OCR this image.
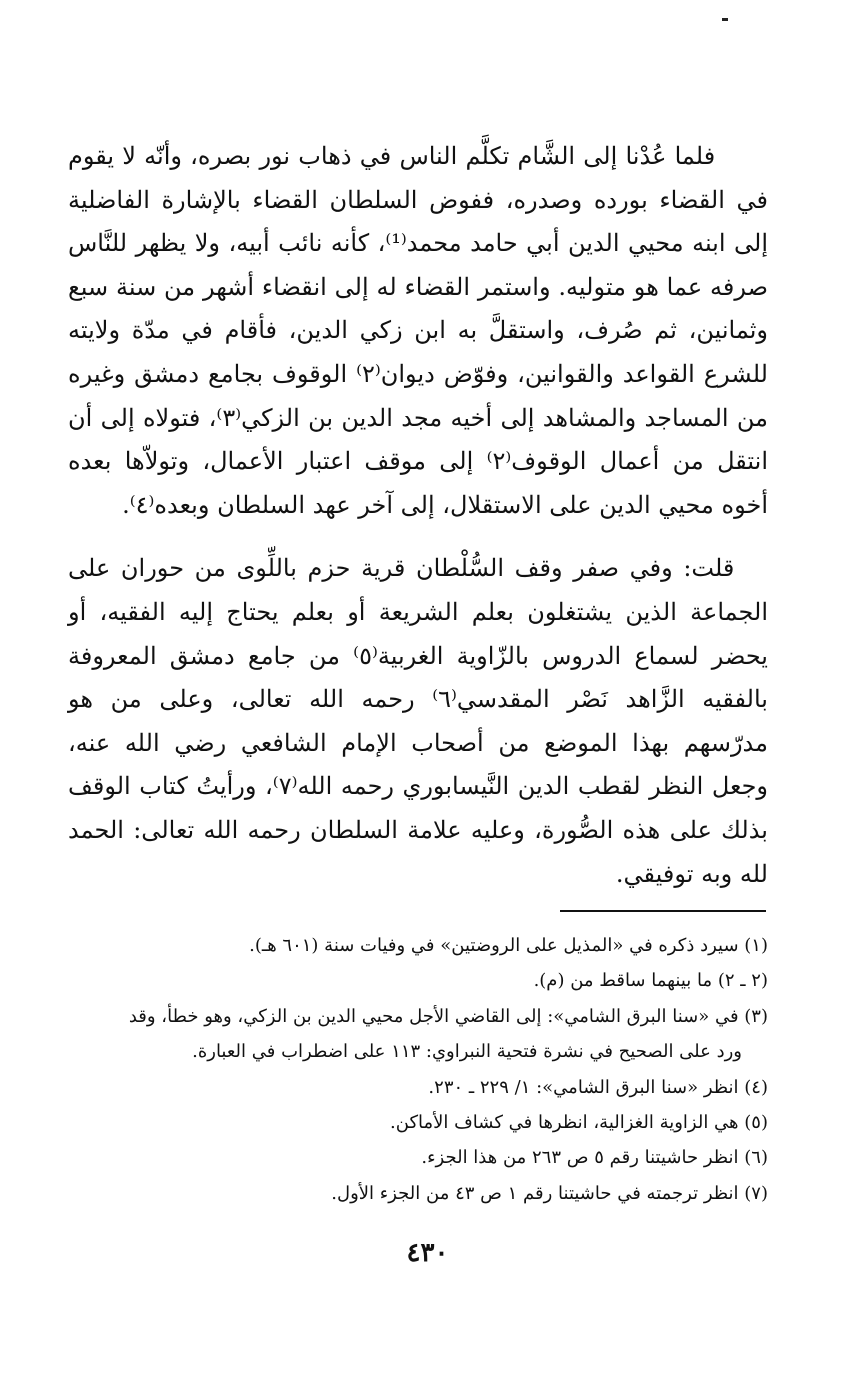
فلما عُدْنا إلى الشَّام تكلَّم الناس في ذهاب نور بصره، وأنّه لا يقوم في القضاء بورده وصدره، ففوض السلطان القضاء بالإشارة الفاضلية إلى ابنه محيي الدين أبي حامد محمد⁽¹⁾، كأنه نائب أبيه، ولا يظهر للنَّاس صرفه عما هو متوليه. واستمر القضاء له إلى انقضاء أشهر من سنة سبع وثمانين، ثم صُرف، واستقلَّ به ابن زكي الدين، فأقام في مدّة ولايته للشرع القواعد والقوانين، وفوّض ديوان⁽٢⁾ الوقوف بجامع دمشق وغيره من المساجد والمشاهد إلى أخيه مجد الدين بن الزكي⁽٣⁾، فتولاه إلى أن انتقل من أعمال الوقوف⁽٢⁾ إلى موقف اعتبار الأعمال، وتولاّها بعده أخوه محيي الدين على الاستقلال، إلى آخر عهد السلطان وبعده⁽٤⁾.

قلت: وفي صفر وقف السُّلْطان قرية حزم باللِّوى من حوران على الجماعة الذين يشتغلون بعلم الشريعة أو بعلم يحتاج إليه الفقيه، أو يحضر لسماع الدروس بالزّاوية الغربية⁽٥⁾ من جامع دمشق المعروفة بالفقيه الزَّاهد نَصْر المقدسي⁽٦⁾ رحمه الله تعالى، وعلى من هو مدرّسهم بهذا الموضع من أصحاب الإمام الشافعي رضي الله عنه، وجعل النظر لقطب الدين النَّيسابوري رحمه الله⁽٧⁾، ورأيتُ كتاب الوقف بذلك على هذه الصُّورة، وعليه علامة السلطان رحمه الله تعالى: الحمد لله وبه توفيقي.

(١) سيرد ذكره في «المذيل على الروضتين» في وفيات سنة (٦٠١ هـ).

(٢ ـ ٢) ما بينهما ساقط من (م).

(٣) في «سنا البرق الشامي»: إلى القاضي الأجل محيي الدين بن الزكي، وهو خطأ، وقد

ورد على الصحيح في نشرة فتحية النبراوي: ١١٣ على اضطراب في العبارة.

(٤) انظر «سنا البرق الشامي»: ١/ ٢٢٩ ـ ٢٣٠.

(٥) هي الزاوية الغزالية، انظرها في كشاف الأماكن.

(٦) انظر حاشيتنا رقم ٥ ص ٢٦٣ من هذا الجزء.

(٧) انظر ترجمته في حاشيتنا رقم ١ ص ٤٣ من الجزء الأول.

٤٣٠
